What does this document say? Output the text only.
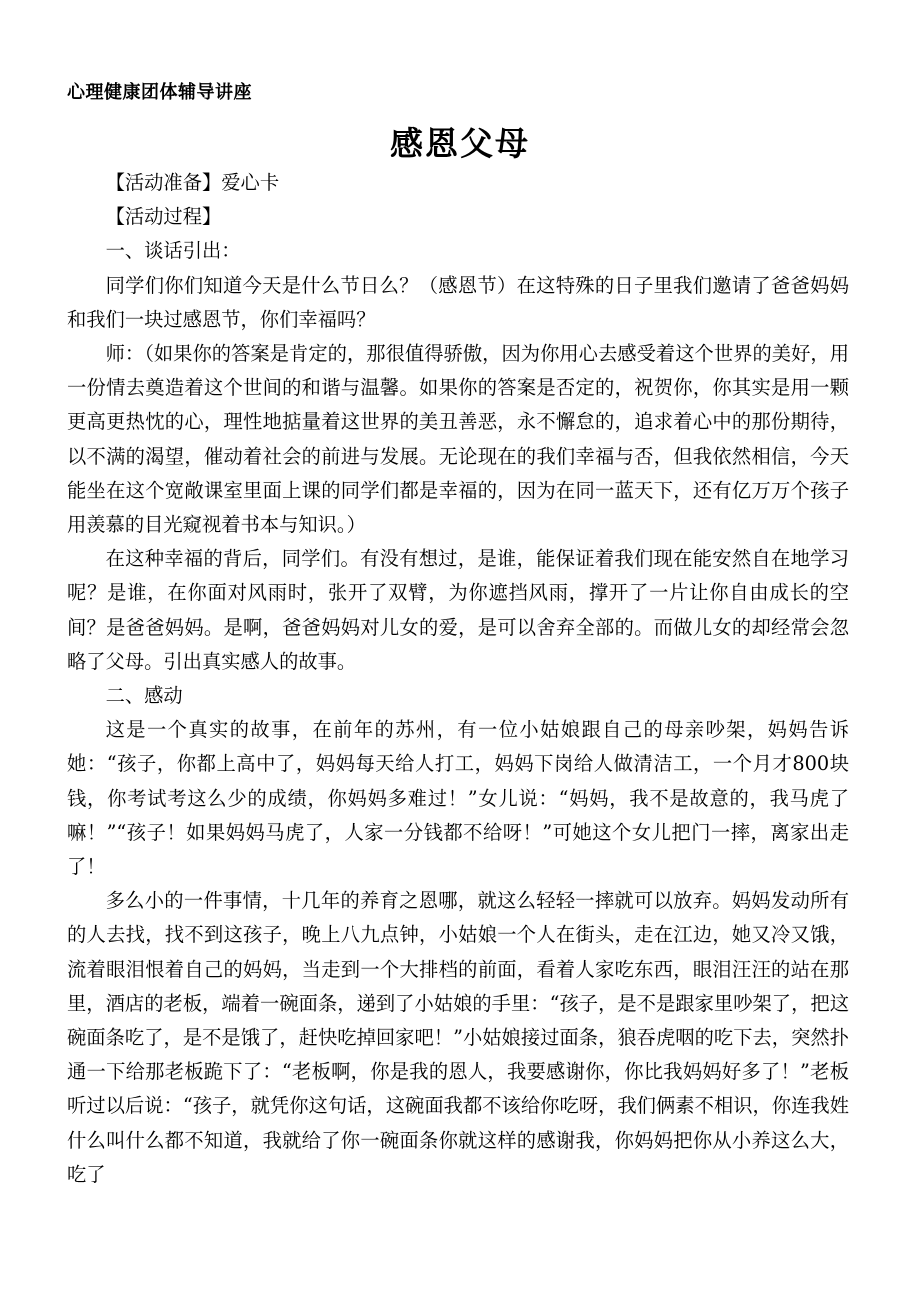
心理健康团体辅导讲座
感恩父母

【活动准备】爱心卡

【活动过程】

一、谈话引出：

同学们你们知道今天是什么节日么？（感恩节）在这特殊的日子里我们邀请了爸爸妈妈和我们一块过感恩节，你们幸福吗？

师：（如果你的答案是肯定的，那很值得骄傲，因为你用心去感受着这个世界的美好，用一份情去奠造着这个世间的和谐与温馨。如果你的答案是否定的，祝贺你，你其实是用一颗更高更热忱的心，理性地掂量着这世界的美丑善恶，永不懈怠的，追求着心中的那份期待，以不满的渴望，催动着社会的前进与发展。无论现在的我们幸福与否，但我依然相信，今天能坐在这个宽敞课室里面上课的同学们都是幸福的，因为在同一蓝天下，还有亿万万个孩子用羡慕的目光窥视着书本与知识。）

在这种幸福的背后，同学们。有没有想过，是谁，能保证着我们现在能安然自在地学习呢？是谁，在你面对风雨时，张开了双臂，为你遮挡风雨，撑开了一片让你自由成长的空间？是爸爸妈妈。是啊，爸爸妈妈对儿女的爱，是可以舍弃全部的。而做儿女的却经常会忽略了父母。引出真实感人的故事。

二、感动

这是一个真实的故事，在前年的苏州，有一位小姑娘跟自己的母亲吵架，妈妈告诉她：“孩子，你都上高中了，妈妈每天给人打工，妈妈下岗给人做清洁工，一个月才800块钱，你考试考这么少的成绩，你妈妈多难过！”女儿说：“妈妈，我不是故意的，我马虎了嘛！”“孩子！如果妈妈马虎了，人家一分钱都不给呀！”可她这个女儿把门一摔，离家出走了！

多么小的一件事情，十几年的养育之恩哪，就这么轻轻一摔就可以放弃。妈妈发动所有的人去找，找不到这孩子，晚上八九点钟，小姑娘一个人在街头，走在江边，她又冷又饿，流着眼泪恨着自己的妈妈，当走到一个大排档的前面，看着人家吃东西，眼泪汪汪的站在那里，酒店的老板，端着一碗面条，递到了小姑娘的手里：“孩子，是不是跟家里吵架了，把这碗面条吃了，是不是饿了，赶快吃掉回家吧！”小姑娘接过面条，狼吞虎咽的吃下去，突然扑通一下给那老板跪下了：“老板啊，你是我的恩人，我要感谢你，你比我妈妈好多了！”老板听过以后说：“孩子，就凭你这句话，这碗面我都不该给你吃呀，我们俩素不相识，你连我姓什么叫什么都不知道，我就给了你一碗面条你就这样的感谢我，你妈妈把你从小养这么大，吃了
